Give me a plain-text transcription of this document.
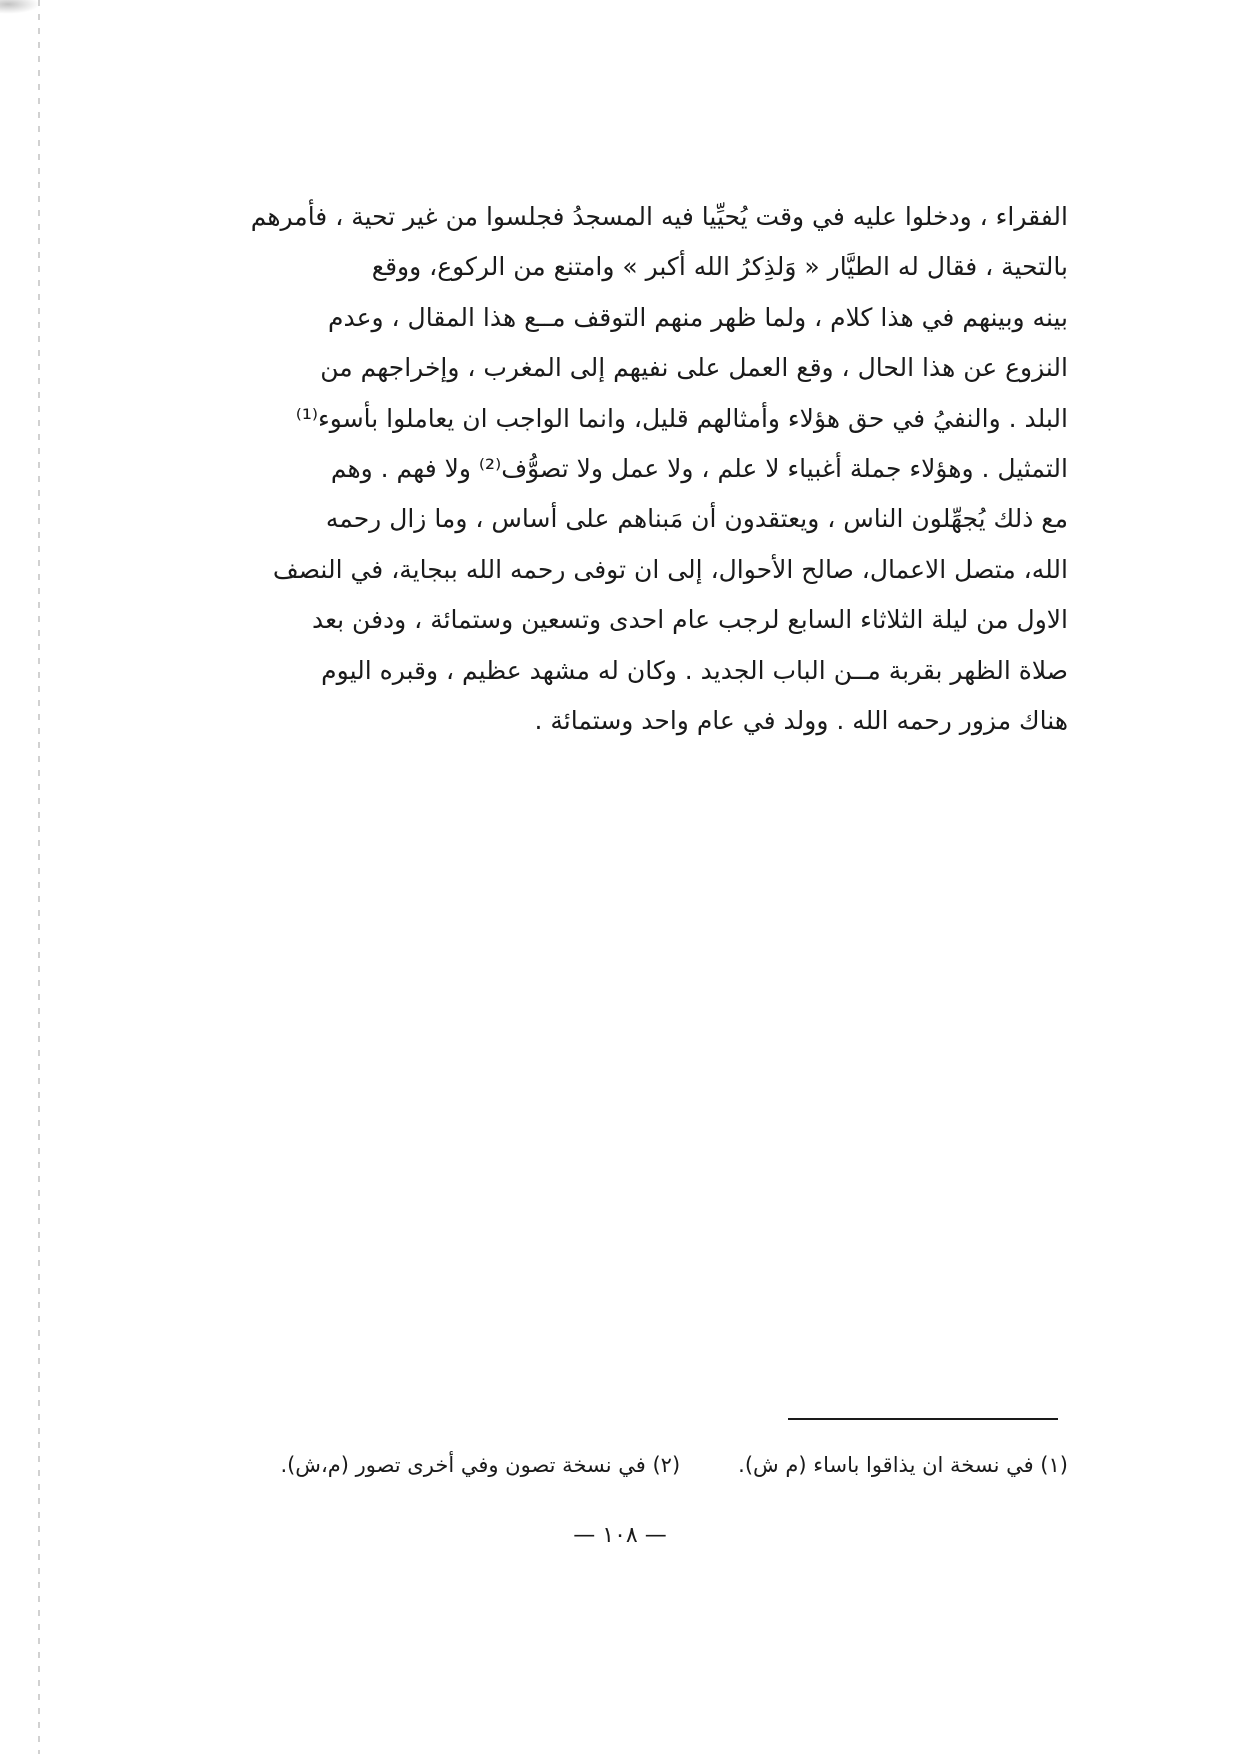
الفقراء ، ودخلوا عليه في وقت يُحيِّيا فيه المسجدُ فجلسوا من غير تحية ، فأمرهم
بالتحية ، فقال له الطيَّار « وَلذِكرُ الله أكبر » وامتنع من الركوع، ووقع
بينه وبينهم في هذا كلام ، ولما ظهر منهم التوقف مــع هذا المقال ، وعدم
النزوع عن هذا الحال ، وقع العمل على نفيهم إلى المغرب ، وإخراجهم من
البلد . والنفيُ في حق هؤلاء وأمثالهم قليل، وانما الواجب ان يعاملوا بأسوء⁽¹⁾
التمثيل . وهؤلاء جملة أغبياء لا علم ، ولا عمل ولا تصوُّف⁽²⁾ ولا فهم . وهم
مع ذلك يُجهِّلون الناس ، ويعتقدون أن مَبناهم على أساس ، وما زال رحمه
الله، متصل الاعمال، صالح الأحوال، إلى ان توفى رحمه الله ببجاية، في النصف
الاول من ليلة الثلاثاء السابع لرجب عام احدى وتسعين وستمائة ، ودفن بعد
صلاة الظهر بقربة مــن الباب الجديد . وكان له مشهد عظيم ، وقبره اليوم
هناك مزور رحمه الله . وولد في عام واحد وستمائة .
(١) في نسخة ان يذاقوا باساء (م ش).
(٢) في نسخة تصون وفي أخرى تصور (م،ش).
— ١٠٨ —
